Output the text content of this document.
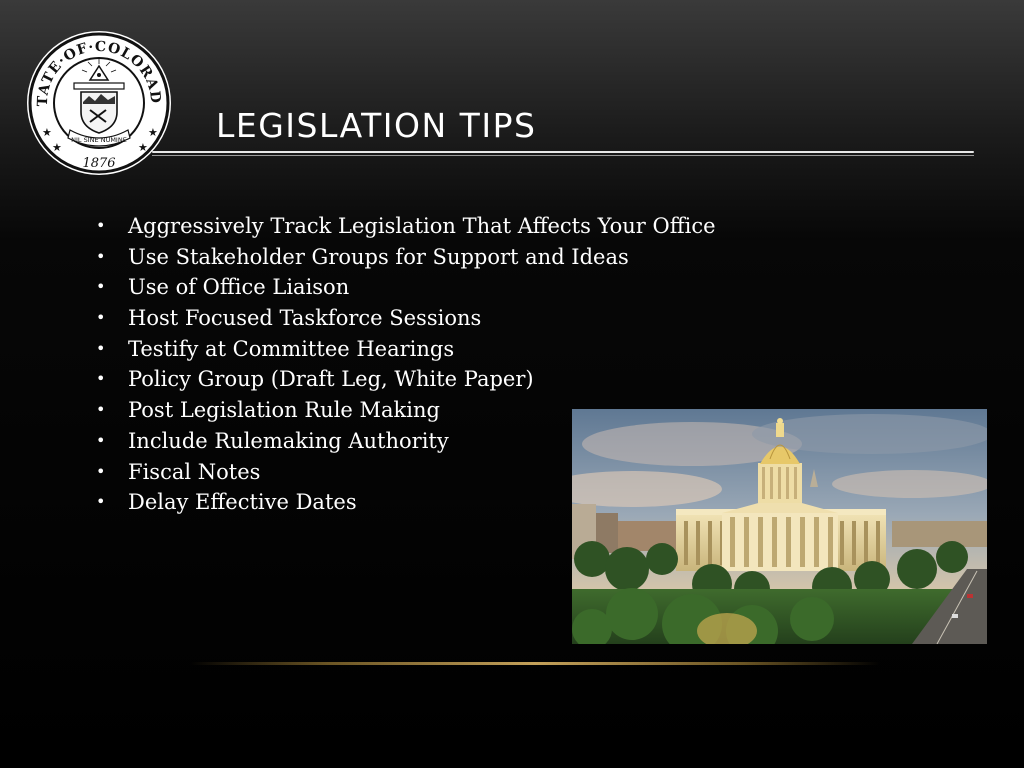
TATE·OF·COLORAD
★
★	★
★
1876
NIL SINE NUMINE	LEGISLATION TIPS
• Aggressively Track Legislation That Affects Your Office
• Use Stakeholder Groups for Support and Ideas
• Use of Office Liaison
• Host Focused Taskforce Sessions
• Testify at Committee Hearings
• Policy Group (Draft Leg, White Paper)
• Post Legislation Rule Making
• Include Rulemaking Authority
• Fiscal Notes
• Delay Effective Dates
